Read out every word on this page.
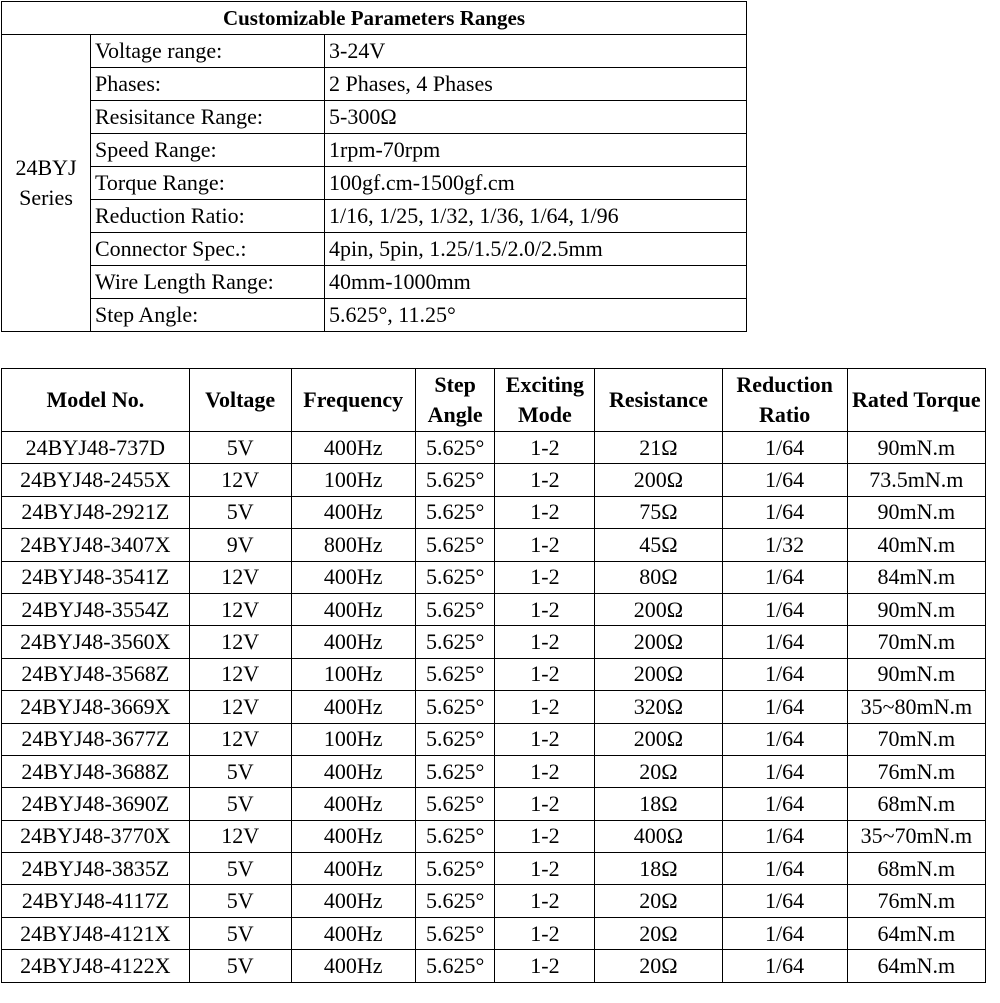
Customizable Parameters Ranges		
24BYJ Series	Voltage range:	3-24V
	Phases:	2 Phases, 4 Phases
	Resisitance Range:	5-300Ω
	Speed Range:	1rpm-70rpm
	Torque Range:	100gf.cm-1500gf.cm
	Reduction Ratio:	1/16, 1/25, 1/32, 1/36, 1/64, 1/96
	Connector Spec.:	4pin, 5pin, 1.25/1.5/2.0/2.5mm
	Wire Length Range:	40mm-1000mm
	Step Angle:	5.625°, 11.25°
Model No.	Voltage	Frequency	Step Angle	Exciting Mode	Resistance	Reduction Ratio	Rated Torque
24BYJ48-737D	5V	400Hz	5.625°	1-2	21Ω	1/64	90mN.m
24BYJ48-2455X	12V	100Hz	5.625°	1-2	200Ω	1/64	73.5mN.m
24BYJ48-2921Z	5V	400Hz	5.625°	1-2	75Ω	1/64	90mN.m
24BYJ48-3407X	9V	800Hz	5.625°	1-2	45Ω	1/32	40mN.m
24BYJ48-3541Z	12V	400Hz	5.625°	1-2	80Ω	1/64	84mN.m
24BYJ48-3554Z	12V	400Hz	5.625°	1-2	200Ω	1/64	90mN.m
24BYJ48-3560X	12V	400Hz	5.625°	1-2	200Ω	1/64	70mN.m
24BYJ48-3568Z	12V	100Hz	5.625°	1-2	200Ω	1/64	90mN.m
24BYJ48-3669X	12V	400Hz	5.625°	1-2	320Ω	1/64	35~80mN.m
24BYJ48-3677Z	12V	100Hz	5.625°	1-2	200Ω	1/64	70mN.m
24BYJ48-3688Z	5V	400Hz	5.625°	1-2	20Ω	1/64	76mN.m
24BYJ48-3690Z	5V	400Hz	5.625°	1-2	18Ω	1/64	68mN.m
24BYJ48-3770X	12V	400Hz	5.625°	1-2	400Ω	1/64	35~70mN.m
24BYJ48-3835Z	5V	400Hz	5.625°	1-2	18Ω	1/64	68mN.m
24BYJ48-4117Z	5V	400Hz	5.625°	1-2	20Ω	1/64	76mN.m
24BYJ48-4121X	5V	400Hz	5.625°	1-2	20Ω	1/64	64mN.m
24BYJ48-4122X	5V	400Hz	5.625°	1-2	20Ω	1/64	64mN.m
